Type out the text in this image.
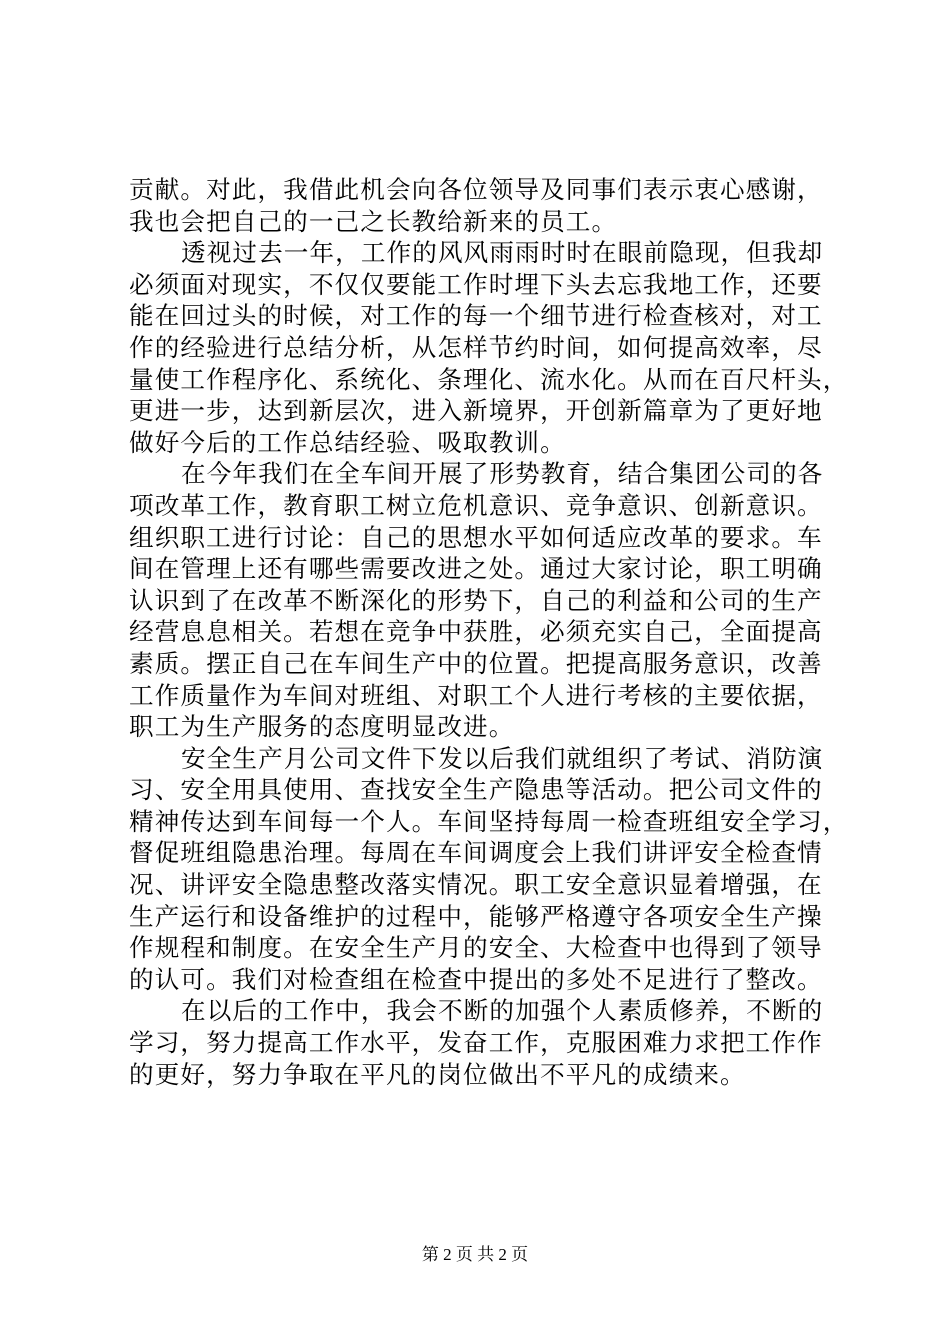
贡献。对此，我借此机会向各位领导及同事们表示衷心感谢，
我也会把自己的一己之长教给新来的员工。
透视过去一年，工作的风风雨雨时时在眼前隐现，但我却
必须面对现实，不仅仅要能工作时埋下头去忘我地工作，还要
能在回过头的时候，对工作的每一个细节进行检查核对，对工
作的经验进行总结分析，从怎样节约时间，如何提高效率，尽
量使工作程序化、系统化、条理化、流水化。从而在百尺杆头，
更进一步，达到新层次，进入新境界，开创新篇章为了更好地
做好今后的工作总结经验、吸取教训。
在今年我们在全车间开展了形势教育，结合集团公司的各
项改革工作，教育职工树立危机意识、竞争意识、创新意识。
组织职工进行讨论：自己的思想水平如何适应改革的要求。车
间在管理上还有哪些需要改进之处。通过大家讨论，职工明确
认识到了在改革不断深化的形势下，自己的利益和公司的生产
经营息息相关。若想在竞争中获胜，必须充实自己，全面提高
素质。摆正自己在车间生产中的位置。把提高服务意识，改善
工作质量作为车间对班组、对职工个人进行考核的主要依据，
职工为生产服务的态度明显改进。
安全生产月公司文件下发以后我们就组织了考试、消防演
习、安全用具使用、查找安全生产隐患等活动。把公司文件的
精神传达到车间每一个人。车间坚持每周一检查班组安全学习，
督促班组隐患治理。每周在车间调度会上我们讲评安全检查情
况、讲评安全隐患整改落实情况。职工安全意识显着增强，在
生产运行和设备维护的过程中，能够严格遵守各项安全生产操
作规程和制度。在安全生产月的安全、大检查中也得到了领导
的认可。我们对检查组在检查中提出的多处不足进行了整改。
在以后的工作中，我会不断的加强个人素质修养，不断的
学习，努力提高工作水平，发奋工作，克服困难力求把工作作
的更好，努力争取在平凡的岗位做出不平凡的成绩来。
第 2 页 共 2 页
